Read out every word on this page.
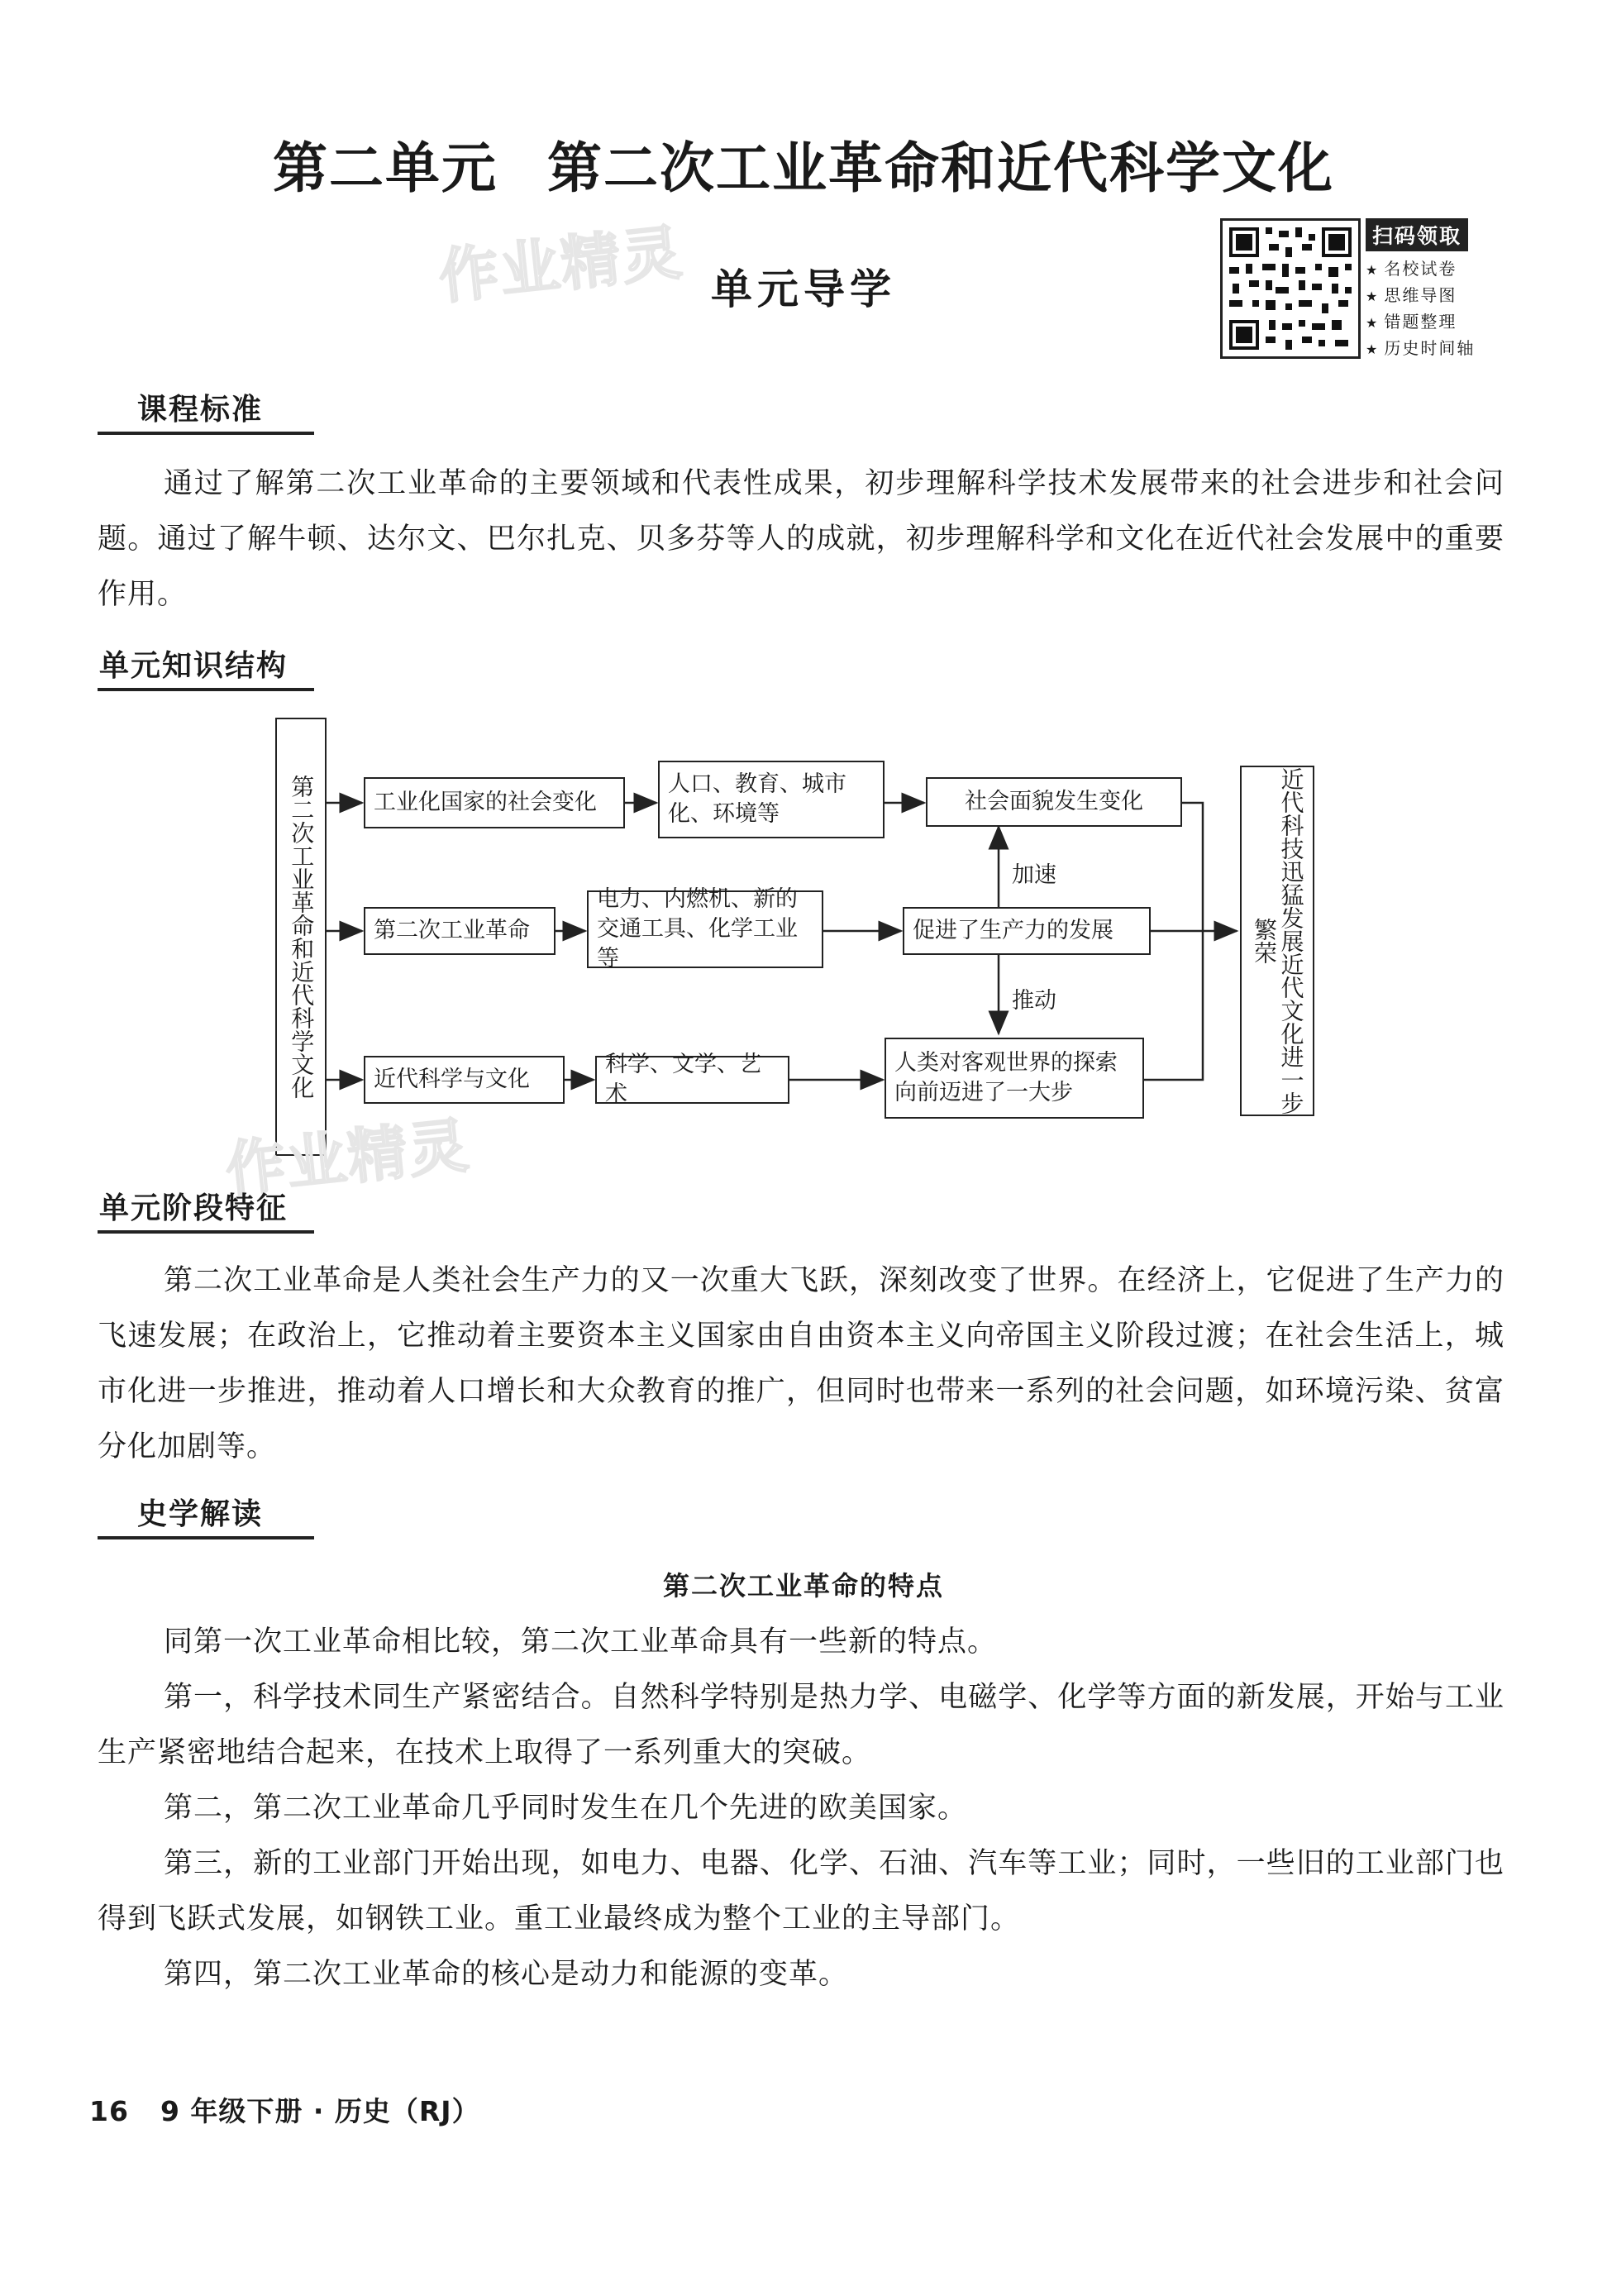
第二单元 第二次工业革命和近代科学文化
作业精灵 单元导学
扫码领取
★ 名校试卷
★ 思维导图
★ 错题整理
★ 历史时间轴
课程标准
通过了解第二次工业革命的主要领域和代表性成果，初步理解科学技术发展带来的社会进步和社会问题。通过了解牛顿、达尔文、巴尔扎克、贝多芬等人的成就，初步理解科学和文化在近代社会发展中的重要作用。
单元知识结构
第二次工业革命和近代科学文化	工业化国家的社会变化
人口、教育、城市化、环境等	社会面貌发生变化
第二次工业革命
电力、内燃机、新的交通工具、化学工业等
促进了生产力的发展
近代科学与文化
科学、文学、艺术
人类对客观世界的探索向前迈进了一大步
加速
推动	近代科技迅猛发展近代文化进一步繁荣
作业精灵
单元阶段特征
第二次工业革命是人类社会生产力的又一次重大飞跃，深刻改变了世界。在经济上，它促进了生产力的飞速发展；在政治上，它推动着主要资本主义国家由自由资本主义向帝国主义阶段过渡；在社会生活上，城市化进一步推进，推动着人口增长和大众教育的推广，但同时也带来一系列的社会问题，如环境污染、贫富分化加剧等。
史学解读
第二次工业革命的特点
同第一次工业革命相比较，第二次工业革命具有一些新的特点。
第一，科学技术同生产紧密结合。自然科学特别是热力学、电磁学、化学等方面的新发展，开始与工业生产紧密地结合起来，在技术上取得了一系列重大的突破。
第二，第二次工业革命几乎同时发生在几个先进的欧美国家。
第三，新的工业部门开始出现，如电力、电器、化学、石油、汽车等工业；同时，一些旧的工业部门也得到飞跃式发展，如钢铁工业。重工业最终成为整个工业的主导部门。
第四，第二次工业革命的核心是动力和能源的变革。
16 9 年级下册 · 历史（RJ）
